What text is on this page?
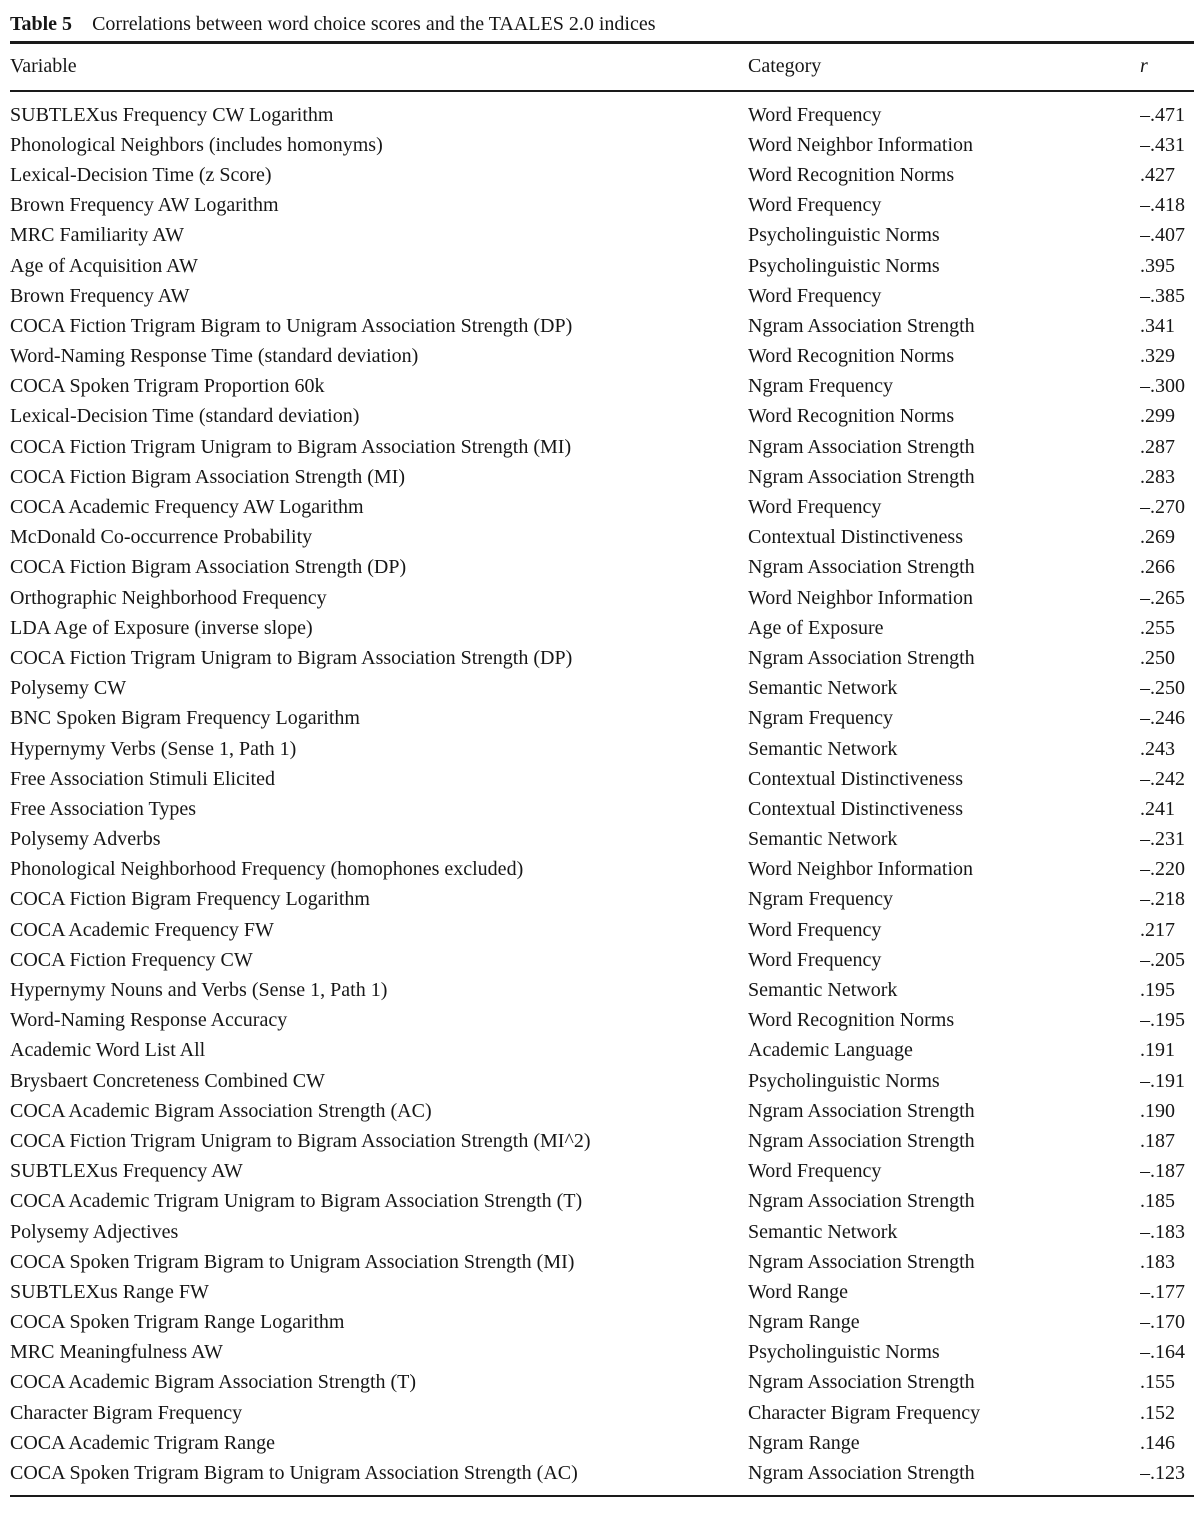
Table 5 Correlations between word choice scores and the TAALES 2.0 indices
Variable	Category	r
SUBTLEXus Frequency CW Logarithm	Word Frequency	–.471
Phonological Neighbors (includes homonyms)	Word Neighbor Information	–.431
Lexical-Decision Time (z Score)	Word Recognition Norms	.427
Brown Frequency AW Logarithm	Word Frequency	–.418
MRC Familiarity AW	Psycholinguistic Norms	–.407
Age of Acquisition AW	Psycholinguistic Norms	.395
Brown Frequency AW	Word Frequency	–.385
COCA Fiction Trigram Bigram to Unigram Association Strength (DP)	Ngram Association Strength	.341
Word-Naming Response Time (standard deviation)	Word Recognition Norms	.329
COCA Spoken Trigram Proportion 60k	Ngram Frequency	–.300
Lexical-Decision Time (standard deviation)	Word Recognition Norms	.299
COCA Fiction Trigram Unigram to Bigram Association Strength (MI)	Ngram Association Strength	.287
COCA Fiction Bigram Association Strength (MI)	Ngram Association Strength	.283
COCA Academic Frequency AW Logarithm	Word Frequency	–.270
McDonald Co-occurrence Probability	Contextual Distinctiveness	.269
COCA Fiction Bigram Association Strength (DP)	Ngram Association Strength	.266
Orthographic Neighborhood Frequency	Word Neighbor Information	–.265
LDA Age of Exposure (inverse slope)	Age of Exposure	.255
COCA Fiction Trigram Unigram to Bigram Association Strength (DP)	Ngram Association Strength	.250
Polysemy CW	Semantic Network	–.250
BNC Spoken Bigram Frequency Logarithm	Ngram Frequency	–.246
Hypernymy Verbs (Sense 1, Path 1)	Semantic Network	.243
Free Association Stimuli Elicited	Contextual Distinctiveness	–.242
Free Association Types	Contextual Distinctiveness	.241
Polysemy Adverbs	Semantic Network	–.231
Phonological Neighborhood Frequency (homophones excluded)	Word Neighbor Information	–.220
COCA Fiction Bigram Frequency Logarithm	Ngram Frequency	–.218
COCA Academic Frequency FW	Word Frequency	.217
COCA Fiction Frequency CW	Word Frequency	–.205
Hypernymy Nouns and Verbs (Sense 1, Path 1)	Semantic Network	.195
Word-Naming Response Accuracy	Word Recognition Norms	–.195
Academic Word List All	Academic Language	.191
Brysbaert Concreteness Combined CW	Psycholinguistic Norms	–.191
COCA Academic Bigram Association Strength (AC)	Ngram Association Strength	.190
COCA Fiction Trigram Unigram to Bigram Association Strength (MI^2)	Ngram Association Strength	.187
SUBTLEXus Frequency AW	Word Frequency	–.187
COCA Academic Trigram Unigram to Bigram Association Strength (T)	Ngram Association Strength	.185
Polysemy Adjectives	Semantic Network	–.183
COCA Spoken Trigram Bigram to Unigram Association Strength (MI)	Ngram Association Strength	.183
SUBTLEXus Range FW	Word Range	–.177
COCA Spoken Trigram Range Logarithm	Ngram Range	–.170
MRC Meaningfulness AW	Psycholinguistic Norms	–.164
COCA Academic Bigram Association Strength (T)	Ngram Association Strength	.155
Character Bigram Frequency	Character Bigram Frequency	.152
COCA Academic Trigram Range	Ngram Range	.146
COCA Spoken Trigram Bigram to Unigram Association Strength (AC)	Ngram Association Strength	–.123
